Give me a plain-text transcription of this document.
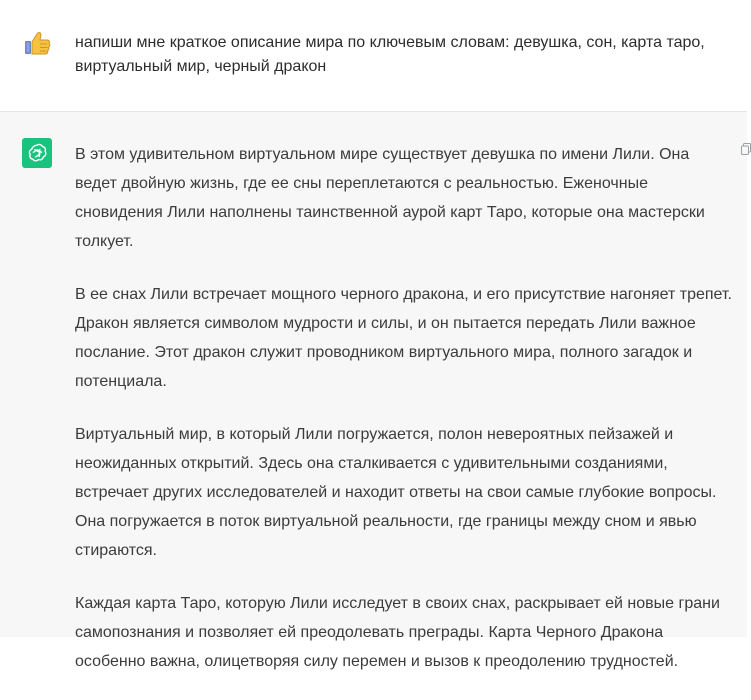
напиши мне краткое описание мира по ключевым словам: девушка, сон, карта таро, виртуальный мир, черный дракон

В этом удивительном виртуальном мире существует девушка по имени Лили. Она ведет двойную жизнь, где ее сны переплетаются с реальностью. Еженочные сновидения Лили наполнены таинственной аурой карт Таро, которые она мастерски толкует.

В ее снах Лили встречает мощного черного дракона, и его присутствие нагоняет трепет. Дракон является символом мудрости и силы, и он пытается передать Лили важное послание. Этот дракон служит проводником виртуального мира, полного загадок и потенциала.

Виртуальный мир, в который Лили погружается, полон невероятных пейзажей и неожиданных открытий. Здесь она сталкивается с удивительными созданиями, встречает других исследователей и находит ответы на свои самые глубокие вопросы. Она погружается в поток виртуальной реальности, где границы между сном и явью стираются.

Каждая карта Таро, которую Лили исследует в своих снах, раскрывает ей новые грани самопознания и позволяет ей преодолевать преграды. Карта Черного Дракона особенно важна, олицетворяя силу перемен и вызов к преодолению трудностей.
